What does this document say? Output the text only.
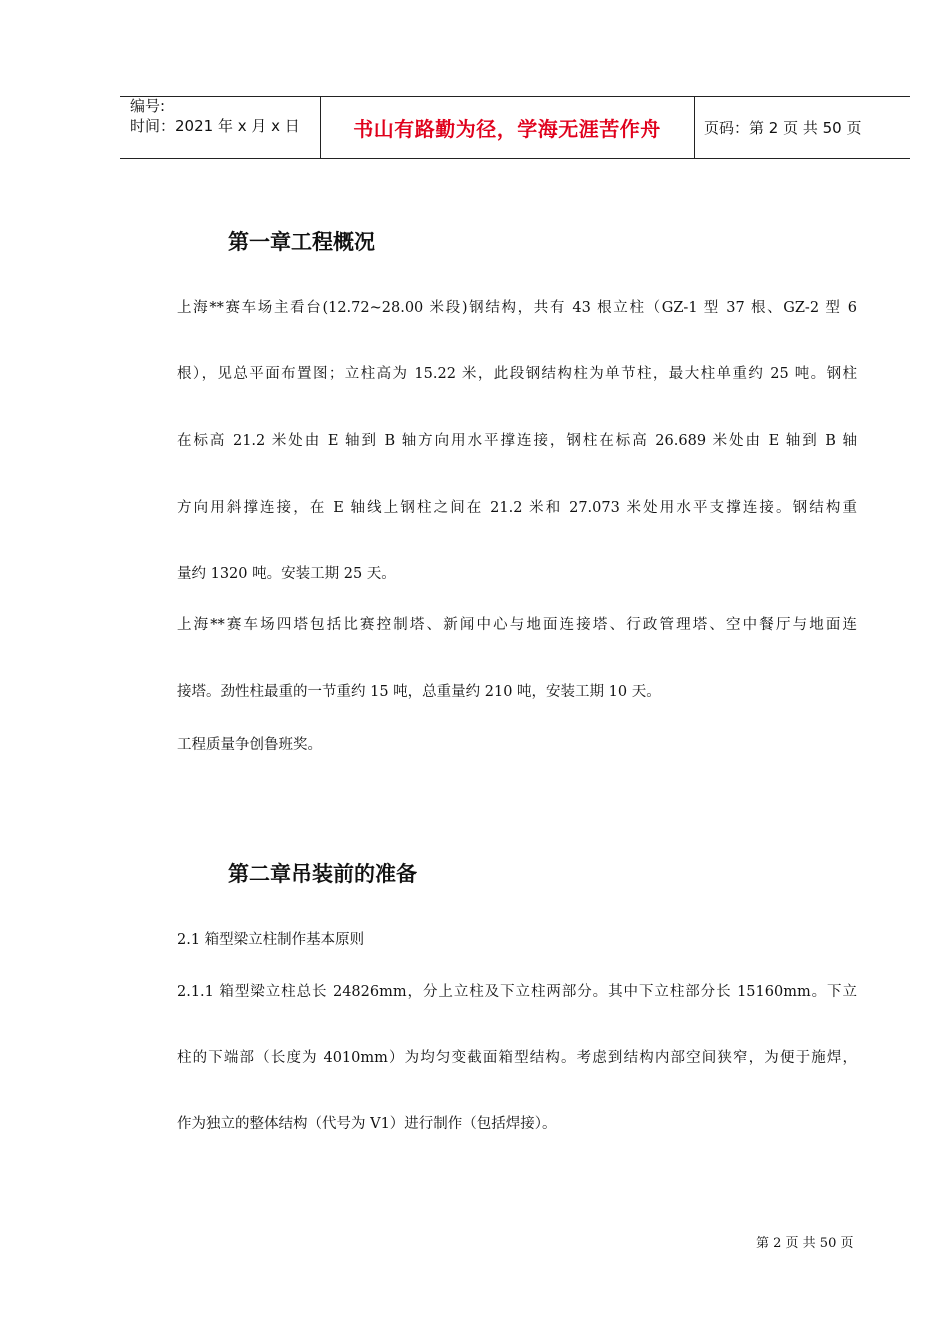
编号:
时间：2021 年 x 月 x 日	书山有路勤为径，学海无涯苦作舟	页码：第 2 页 共 50 页
第一章工程概况
上海**赛车场主看台(12.72~28.00 米段)钢结构，共有 43 根立柱（GZ-1 型 37 根、GZ-2 型 6
根），见总平面布置图；立柱高为 15.22 米，此段钢结构柱为单节柱，最大柱单重约 25 吨。钢柱
在标高 21.2 米处由 E 轴到 B 轴方向用水平撑连接，钢柱在标高 26.689 米处由 E 轴到 B 轴
方向用斜撑连接，在 E 轴线上钢柱之间在 21.2 米和 27.073 米处用水平支撑连接。钢结构重
量约 1320 吨。安装工期 25 天。
上海**赛车场四塔包括比赛控制塔、新闻中心与地面连接塔、行政管理塔、空中餐厅与地面连
接塔。劲性柱最重的一节重约 15 吨，总重量约 210 吨，安装工期 10 天。
工程质量争创鲁班奖。
第二章吊装前的准备
2.1 箱型梁立柱制作基本原则
2.1.1 箱型梁立柱总长 24826mm，分上立柱及下立柱两部分。其中下立柱部分长 15160mm。下立
柱的下端部（长度为 4010mm）为均匀变截面箱型结构。考虑到结构内部空间狭窄，为便于施焊，
作为独立的整体结构（代号为 V1）进行制作（包括焊接）。
第 2 页 共 50 页
